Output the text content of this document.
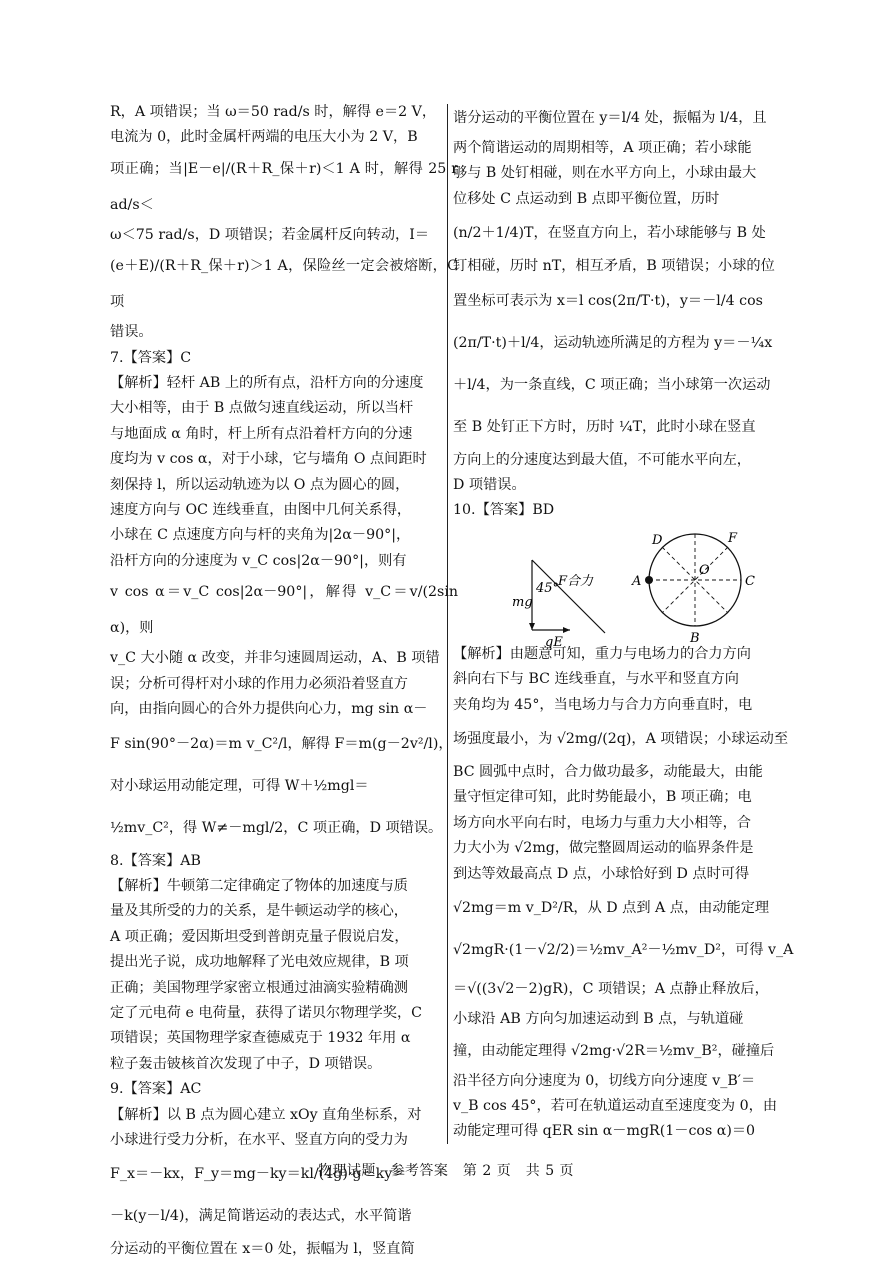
R，A 项错误；当 ω＝50 rad/s 时，解得 e＝2 V，

电流为 0，此时金属杆两端的电压大小为 2 V，B

项正确；当|E－e|/(R＋R_保＋r)＜1 A 时，解得 25 rad/s＜

ω＜75 rad/s，D 项错误；若金属杆反向转动，I＝

(e＋E)/(R＋R_保＋r)＞1 A，保险丝一定会被熔断，C 项

错误。

7.【答案】C

【解析】轻杆 AB 上的所有点，沿杆方向的分速度

大小相等，由于 B 点做匀速直线运动，所以当杆

与地面成 α 角时，杆上所有点沿着杆方向的分速

度均为 v cos α，对于小球，它与墙角 O 点间距时

刻保持 l，所以运动轨迹为以 O 点为圆心的圆，

速度方向与 OC 连线垂直，由图中几何关系得，

小球在 C 点速度方向与杆的夹角为|2α－90°|，

沿杆方向的分速度为 v_C cos|2α－90°|，则有

v cos α＝v_C cos|2α－90°|，解得 v_C＝v/(2sin α)，则

v_C 大小随 α 改变，并非匀速圆周运动，A、B 项错

误；分析可得杆对小球的作用力必须沿着竖直方

向，由指向圆心的合外力提供向心力，mg sin α－

F sin(90°－2α)＝m v_C²/l，解得 F＝m(g－2v²/l)，

对小球运用动能定理，可得 W＋½mgl＝

½mv_C²，得 W≠－mgl/2，C 项正确，D 项错误。

8.【答案】AB

【解析】牛顿第二定律确定了物体的加速度与质

量及其所受的力的关系，是牛顿运动学的核心，

A 项正确；爱因斯坦受到普朗克量子假说启发，

提出光子说，成功地解释了光电效应规律，B 项

正确；美国物理学家密立根通过油滴实验精确测

定了元电荷 e 电荷量，获得了诺贝尔物理学奖，C

项错误；英国物理学家查德威克于 1932 年用 α

粒子轰击铍核首次发现了中子，D 项错误。

9.【答案】AC

【解析】以 B 点为圆心建立 xOy 直角坐标系，对

小球进行受力分析，在水平、竖直方向的受力为

F_x＝－kx，F_y＝mg－ky＝kl/(4g)·g－ky＝

－k(y－l/4)，满足简谐运动的表达式，水平简谐

分运动的平衡位置在 x＝0 处，振幅为 l，竖直简

谐分运动的平衡位置在 y＝l/4 处，振幅为 l/4，且

两个简谐运动的周期相等，A 项正确；若小球能

够与 B 处钉相碰，则在水平方向上，小球由最大

位移处 C 点运动到 B 点即平衡位置，历时

(n/2＋1/4)T，在竖直方向上，若小球能够与 B 处

钉相碰，历时 nT，相互矛盾，B 项错误；小球的位

置坐标可表示为 x＝l cos(2π/T·t)，y＝－l/4 cos

(2π/T·t)＋l/4，运动轨迹所满足的方程为 y＝－¼x

＋l/4，为一条直线，C 项正确；当小球第一次运动

至 B 处钉正下方时，历时 ¼T，此时小球在竖直

方向上的分速度达到最大值，不可能水平向左，

D 项错误。

10.【答案】BD

【解析】由题意可知，重力与电场力的合力方向

斜向右下与 BC 连线垂直，与水平和竖直方向

夹角均为 45°，当电场力与合力方向垂直时，电

场强度最小，为 √2mg/(2q)，A 项错误；小球运动至

BC 圆弧中点时，合力做功最多，动能最大，由能

量守恒定律可知，此时势能最小，B 项正确；电

场方向水平向右时，电场力与重力大小相等，合

力大小为 √2mg，做完整圆周运动的临界条件是

到达等效最高点 D 点，小球恰好到 D 点时可得

√2mg＝m v_D²/R，从 D 点到 A 点，由动能定理

√2mgR·(1－√2/2)＝½mv_A²－½mv_D²，可得 v_A

＝√((3√2－2)gR)，C 项错误；A 点静止释放后，

小球沿 AB 方向匀加速运动到 B 点，与轨道碰

撞，由动能定理得 √2mg·√2R＝½mv_B²，碰撞后

沿半径方向分速度为 0，切线方向分速度 v_B′＝

v_B cos 45°，若可在轨道运动直至速度变为 0，由

动能定理可得 qER sin α－mgR(1－cos α)＝0

45°
F合力
mg
qE
A	C
B
D	F
O
物理试题　参考答案　第 2 页　共 5 页
